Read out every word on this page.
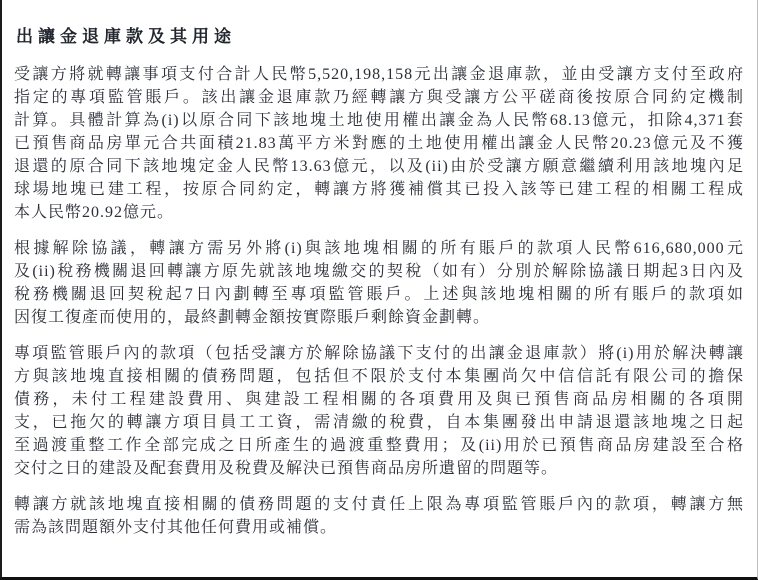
出讓金退庫款及其用途
受讓方將就轉讓事項支付合計人民幣5,520,198,158元出讓金退庫款，並由受讓方支付至政府
指定的專項監管賬戶。該出讓金退庫款乃經轉讓方與受讓方公平磋商後按原合同約定機制
計算。具體計算為(i)以原合同下該地塊土地使用權出讓金為人民幣68.13億元，扣除4,371套
已預售商品房單元合共面積21.83萬平方米對應的土地使用權出讓金人民幣20.23億元及不獲
退還的原合同下該地塊定金人民幣13.63億元，以及(ii)由於受讓方願意繼續利用該地塊內足
球場地塊已建工程，按原合同約定，轉讓方將獲補償其已投入該等已建工程的相關工程成
本人民幣20.92億元。
根據解除協議，轉讓方需另外將(i)與該地塊相關的所有賬戶的款項人民幣616,680,000元
及(ii)稅務機關退回轉讓方原先就該地塊繳交的契稅（如有）分別於解除協議日期起3日內及
稅務機關退回契稅起7日內劃轉至專項監管賬戶。上述與該地塊相關的所有賬戶的款項如
因復工復產而使用的，最終劃轉金額按實際賬戶剩餘資金劃轉。
專項監管賬戶內的款項（包括受讓方於解除協議下支付的出讓金退庫款）將(i)用於解決轉讓
方與該地塊直接相關的債務問題，包括但不限於支付本集團尚欠中信信託有限公司的擔保
債務，未付工程建設費用、與建設工程相關的各項費用及與已預售商品房相關的各項開
支，已拖欠的轉讓方項目員工工資，需清繳的稅費，自本集團發出申請退還該地塊之日起
至過渡重整工作全部完成之日所產生的過渡重整費用；及(ii)用於已預售商品房建設至合格
交付之日的建設及配套費用及稅費及解決已預售商品房所遺留的問題等。
轉讓方就該地塊直接相關的債務問題的支付責任上限為專項監管賬戶內的款項，轉讓方無
需為該問題額外支付其他任何費用或補償。
